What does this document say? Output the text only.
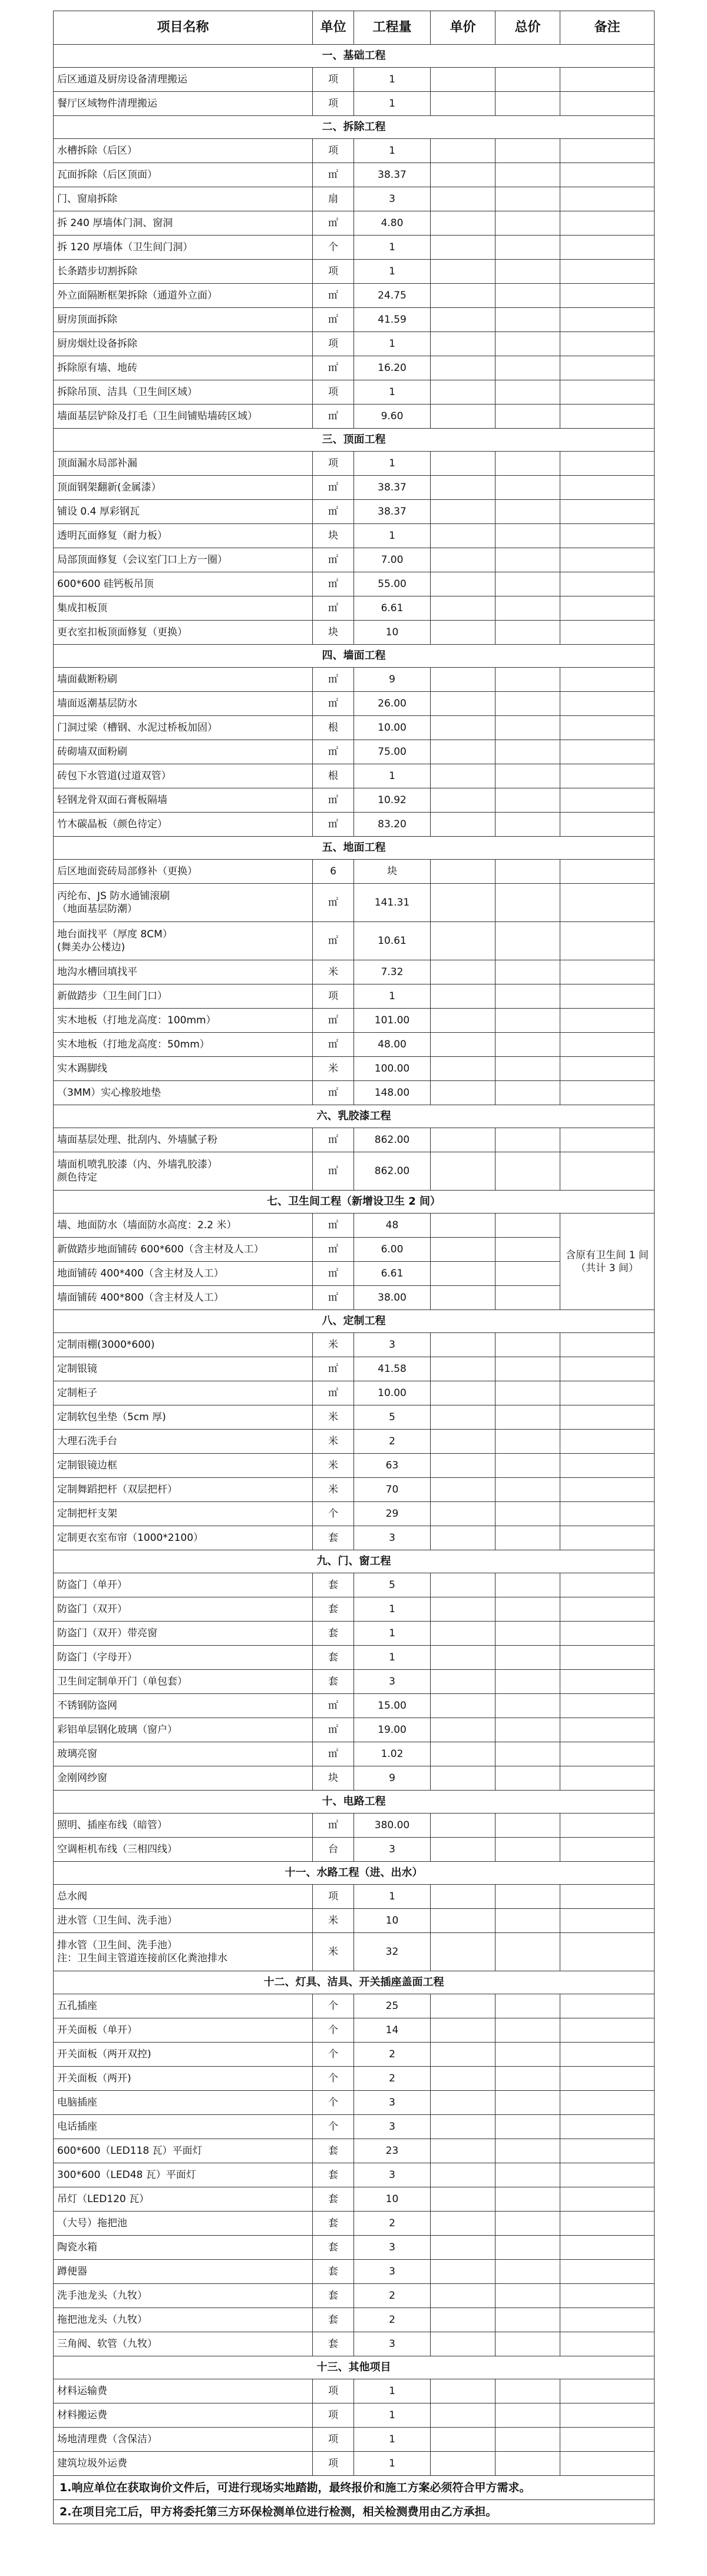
项目名称	单位	工程量	单价	总价	备注
一、基础工程					
后区通道及厨房设备清理搬运	项	1			
餐厅区域物件清理搬运	项	1			
二、拆除工程					
水槽拆除（后区）	项	1			
瓦面拆除（后区顶面）	㎡	38.37			
门、窗扇拆除	扇	3			
拆 240 厚墙体门洞、窗洞	㎡	4.80			
拆 120 厚墙体（卫生间门洞）	个	1			
长条踏步切割拆除	项	1			
外立面隔断框架拆除（通道外立面）	㎡	24.75			
厨房顶面拆除	㎡	41.59			
厨房烟灶设备拆除	项	1			
拆除原有墙、地砖	㎡	16.20			
拆除吊顶、洁具（卫生间区域）	项	1			
墙面基层铲除及打毛（卫生间铺贴墙砖区域）	㎡	9.60			
三、顶面工程					
顶面漏水局部补漏	项	1			
顶面钢架翻新(金属漆）	㎡	38.37			
铺设 0.4 厚彩钢瓦	㎡	38.37			
透明瓦面修复（耐力板）	块	1			
局部顶面修复（会议室门口上方一圈）	㎡	7.00			
600*600 硅钙板吊顶	㎡	55.00			
集成扣板顶	㎡	6.61			
更衣室扣板顶面修复（更换）	块	10			
四、墙面工程					
墙面截断粉刷	㎡	9			
墙面返潮基层防水	㎡	26.00			
门洞过梁（槽钢、水泥过桥板加固）	根	10.00			
砖砌墙双面粉刷	㎡	75.00			
砖包下水管道(过道双管）	根	1			
轻钢龙骨双面石膏板隔墙	㎡	10.92			
竹木碳晶板（颜色待定）	㎡	83.20			
五、地面工程					
后区地面瓷砖局部修补（更换）	6	块			
丙纶布、JS 防水通铺滚刷
（地面基层防潮）	㎡	141.31			
地台面找平（厚度 8CM）
(舞美办公楼边)	㎡	10.61			
地沟水槽回填找平	米	7.32			
新做踏步（卫生间门口）	项	1			
实木地板（打地龙高度：100mm）	㎡	101.00			
实木地板（打地龙高度：50mm）	㎡	48.00			
实木踢脚线	米	100.00			
（3MM）实心橡胶地垫	㎡	148.00			
六、乳胶漆工程					
墙面基层处理、批刮内、外墙腻子粉	㎡	862.00			
墙面机喷乳胶漆（内、外墙乳胶漆）
颜色待定	㎡	862.00			
七、卫生间工程（新增设卫生 2 间）					
墙、地面防水（墙面防水高度：2.2 米）	㎡	48			含原有卫生间 1 间
（共计 3 间）
新做踏步地面铺砖 600*600（含主材及人工）	㎡	6.00			
地面铺砖 400*400（含主材及人工）	㎡	6.61			
墙面铺砖 400*800（含主材及人工）	㎡	38.00			
八、定制工程					
定制雨棚(3000*600)	米	3			
定制银镜	㎡	41.58			
定制柜子	㎡	10.00			
定制软包坐垫（5cm 厚)	米	5			
大理石洗手台	米	2			
定制银镜边框	米	63			
定制舞蹈把杆（双层把杆）	米	70			
定制把杆支架	个	29			
定制更衣室布帘（1000*2100）	套	3			
九、门、窗工程					
防盗门（单开）	套	5			
防盗门（双开）	套	1			
防盗门（双开）带亮窗	套	1			
防盗门（字母开）	套	1			
卫生间定制单开门（单包套）	套	3			
不锈钢防盗网	㎡	15.00			
彩铝单层钢化玻璃（窗户）	㎡	19.00			
玻璃亮窗	㎡	1.02			
金刚网纱窗	块	9			
十、电路工程					
照明、插座布线（暗管）	㎡	380.00			
空调柜机布线（三相四线）	台	3			
十一、水路工程（进、出水）					
总水阀	项	1			
进水管（卫生间、洗手池）	米	10			
排水管（卫生间、洗手池）
注：卫生间主管道连接前区化粪池排水	米	32			
十二、灯具、洁具、开关插座盖面工程					
五孔插座	个	25			
开关面板（单开）	个	14			
开关面板（两开双控)	个	2			
开关面板（两开)	个	2			
电脑插座	个	3			
电话插座	个	3			
600*600（LED118 瓦）平面灯	套	23			
300*600（LED48 瓦）平面灯	套	3			
吊灯（LED120 瓦）	套	10			
（大号）拖把池	套	2			
陶瓷水箱	套	3			
蹲便器	套	3			
洗手池龙头（九牧）	套	2			
拖把池龙头（九牧）	套	2			
三角阀、软管（九牧）	套	3			
十三、其他项目					
材料运输费	项	1			
材料搬运费	项	1			
场地清理费（含保洁）	项	1			
建筑垃圾外运费	项	1			
1.响应单位在获取询价文件后，可进行现场实地踏勘，最终报价和施工方案必须符合甲方需求。					
2.在项目完工后，甲方将委托第三方环保检测单位进行检测，相关检测费用由乙方承担。					
